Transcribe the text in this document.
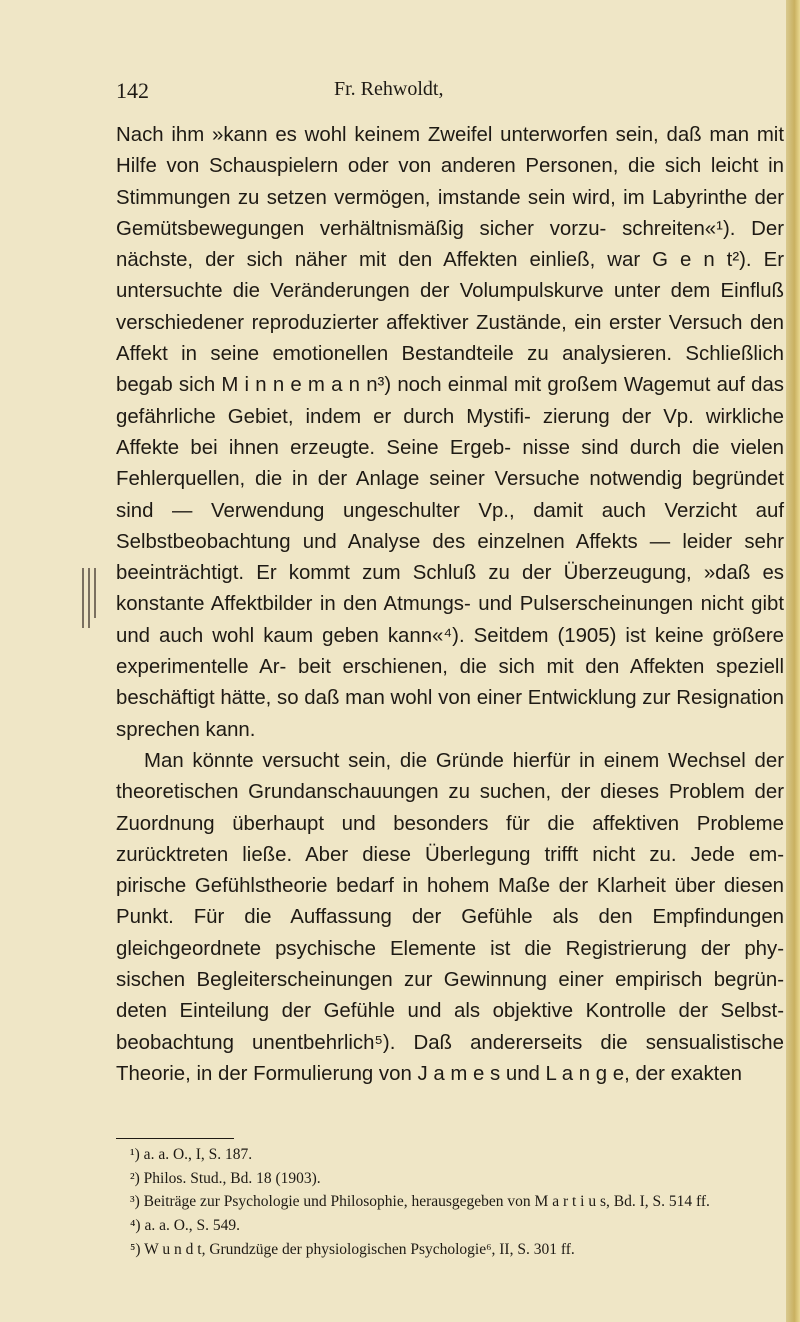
142	Fr. Rehwoldt,

Nach ihm »kann es wohl keinem Zweifel unterworfen sein, daß man mit Hilfe von Schauspielern oder von anderen Personen, die sich leicht in Stimmungen zu setzen vermögen, imstande sein wird, im Labyrinthe der Gemütsbewegungen verhältnismäßig sicher vorzu- schreiten«¹). Der nächste, der sich näher mit den Affekten einließ, war G e n t²). Er untersuchte die Veränderungen der Volumpulskurve unter dem Einfluß verschiedener reproduzierter affektiver Zustände, ein erster Versuch den Affekt in seine emotionellen Bestandteile zu analysieren. Schließlich begab sich M i n n e m a n n³) noch einmal mit großem Wagemut auf das gefährliche Gebiet, indem er durch Mystifi- zierung der Vp. wirkliche Affekte bei ihnen erzeugte. Seine Ergeb- nisse sind durch die vielen Fehlerquellen, die in der Anlage seiner Versuche notwendig begründet sind — Verwendung ungeschulter Vp., damit auch Verzicht auf Selbstbeobachtung und Analyse des einzelnen Affekts — leider sehr beeinträchtigt. Er kommt zum Schluß zu der Überzeugung, »daß es konstante Affektbilder in den Atmungs- und Pulserscheinungen nicht gibt und auch wohl kaum geben kann«⁴). Seitdem (1905) ist keine größere experimentelle Ar- beit erschienen, die sich mit den Affekten speziell beschäftigt hätte, so daß man wohl von einer Entwicklung zur Resignation sprechen kann.

Man könnte versucht sein, die Gründe hierfür in einem Wechsel der theoretischen Grundanschauungen zu suchen, der dieses Problem der Zuordnung überhaupt und besonders für die affektiven Probleme zurücktreten ließe. Aber diese Überlegung trifft nicht zu. Jede em- pirische Gefühlstheorie bedarf in hohem Maße der Klarheit über diesen Punkt. Für die Auffassung der Gefühle als den Empfindungen gleichgeordnete psychische Elemente ist die Registrierung der phy- sischen Begleiterscheinungen zur Gewinnung einer empirisch begrün- deten Einteilung der Gefühle und als objektive Kontrolle der Selbst- beobachtung unentbehrlich⁵). Daß andererseits die sensualistische Theorie, in der Formulierung von J a m e s und L a n g e, der exakten

¹) a. a. O., I, S. 187.

²) Philos. Stud., Bd. 18 (1903).

³) Beiträge zur Psychologie und Philosophie, herausgegeben von M a r t i u s, Bd. I, S. 514 ff.

⁴) a. a. O., S. 549.

⁵) W u n d t, Grundzüge der physiologischen Psychologie⁶, II, S. 301 ff.
